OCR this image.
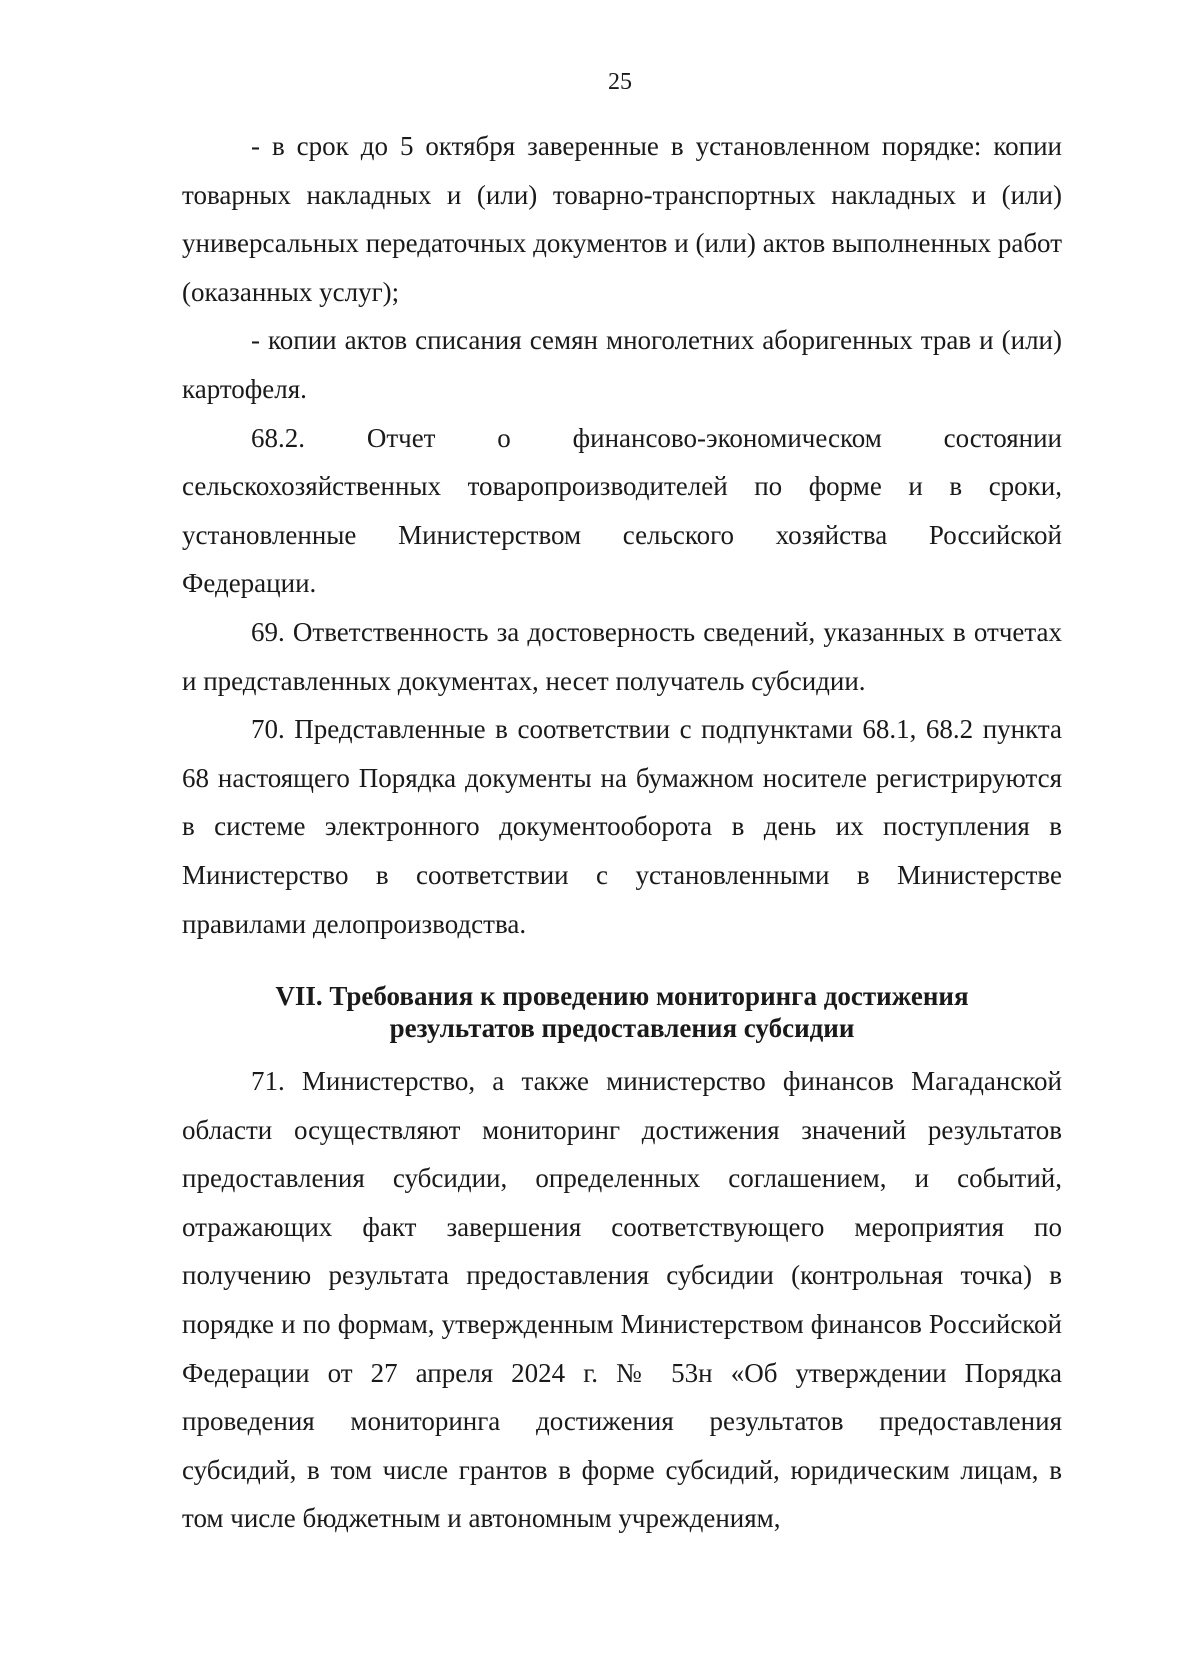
25

- в срок до 5 октября заверенные в установленном порядке: копии товарных накладных и (или) товарно-транспортных накладных и (или) универсальных передаточных документов и (или) актов выполненных работ (оказанных услуг);

- копии актов списания семян многолетних аборигенных трав и (или) картофеля.

68.2. Отчет о финансово-экономическом состоянии сельскохозяйственных товаропроизводителей по форме и в сроки, установленные Министерством сельского хозяйства Российской Федерации.

69. Ответственность за достоверность сведений, указанных в отчетах и представленных документах, несет получатель субсидии.

70. Представленные в соответствии с подпунктами 68.1, 68.2 пункта 68 настоящего Порядка документы на бумажном носителе регистрируются в системе электронного документооборота в день их поступления в Министерство в соответствии с установленными в Министерстве правилами делопроизводства.

VII. Требования к проведению мониторинга достижения
результатов предоставления субсидии

71. Министерство, а также министерство финансов Магаданской области осуществляют мониторинг достижения значений результатов предоставления субсидии, определенных соглашением, и событий, отражающих факт завершения соответствующего мероприятия по получению результата предоставления субсидии (контрольная точка) в порядке и по формам, утвержденным Министерством финансов Российской Федерации от 27 апреля 2024 г. № 53н «Об утверждении Порядка проведения мониторинга достижения результатов предоставления субсидий, в том числе грантов в форме субсидий, юридическим лицам, в том числе бюджетным и автономным учреждениям,
